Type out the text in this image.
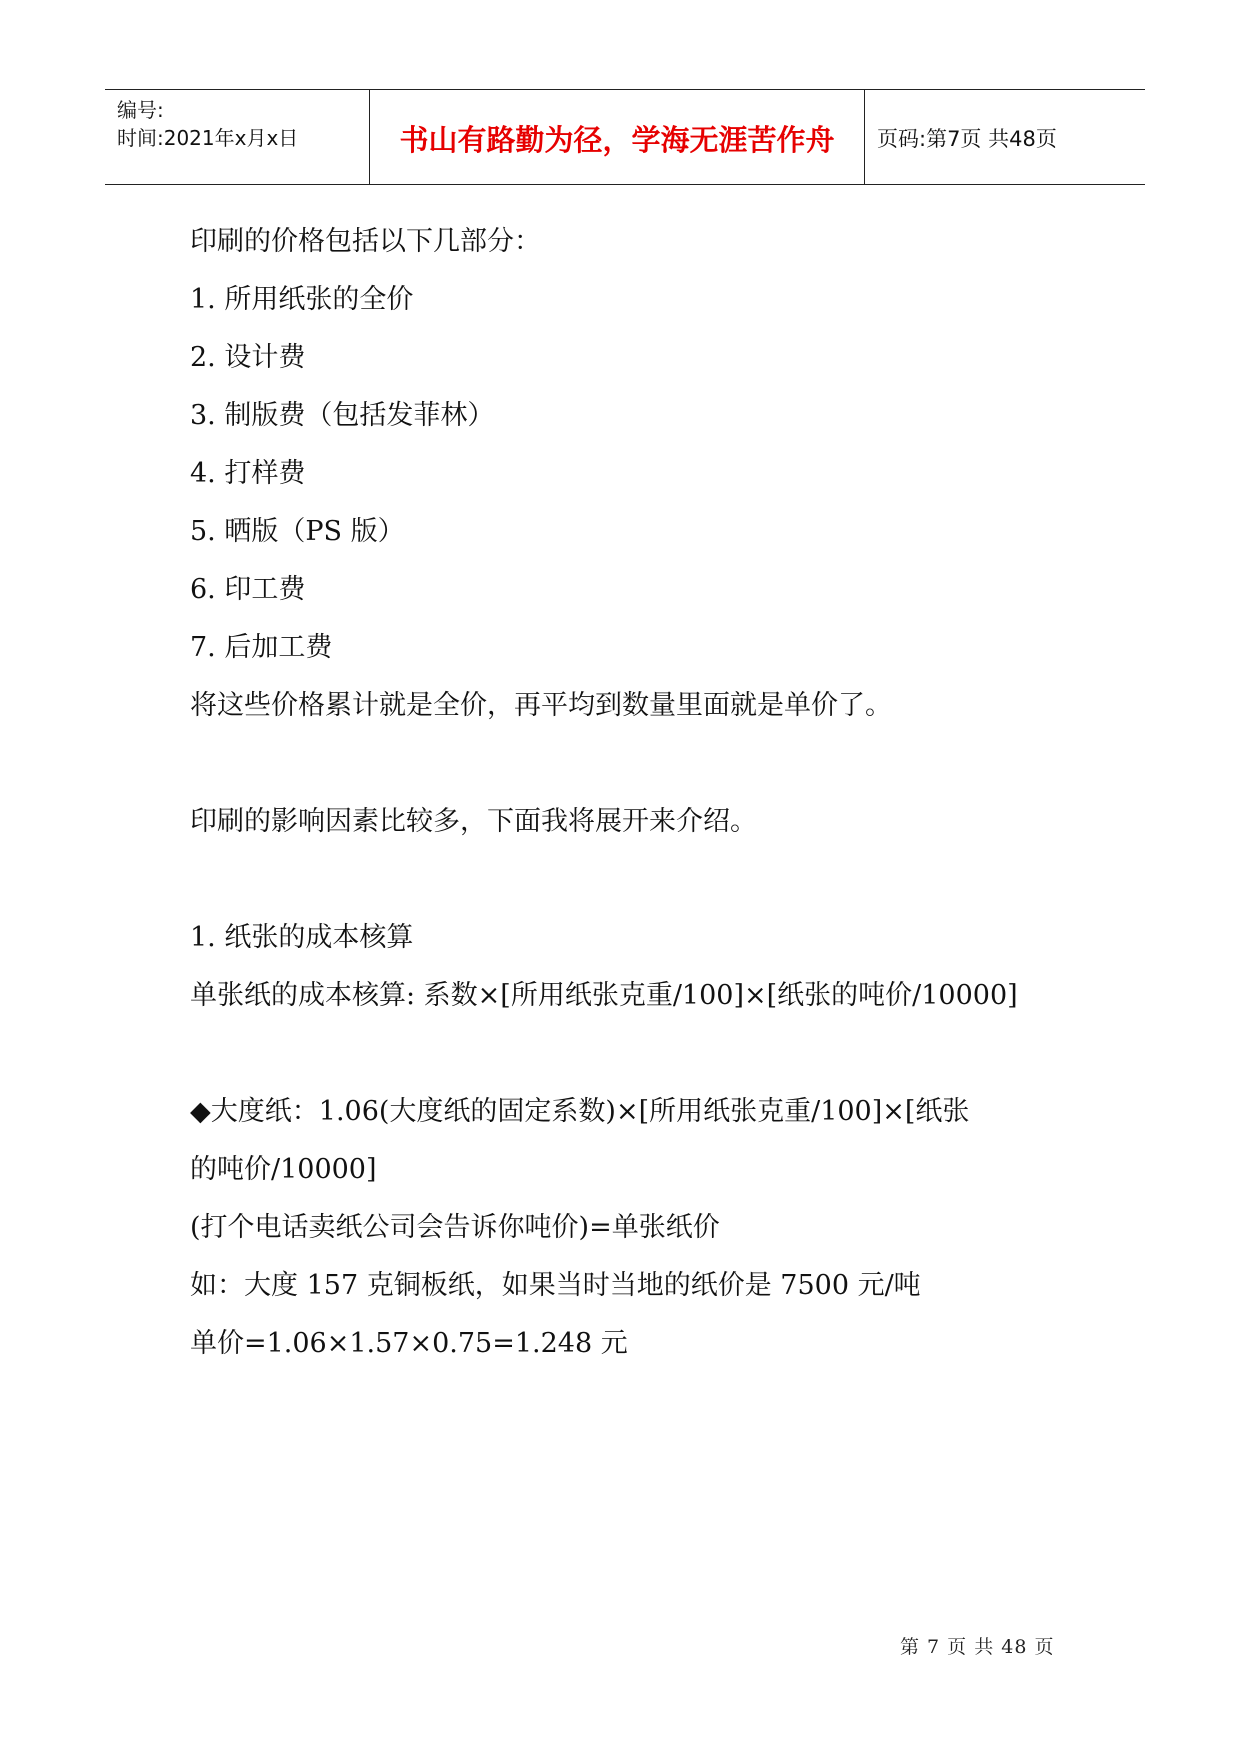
编号:
时间:2021年x月x日	书山有路勤为径，学海无涯苦作舟	页码:第7页 共48页
印刷的价格包括以下几部分：
1. 所用纸张的全价
2. 设计费
3. 制版费（包括发菲林）
4. 打样费
5. 晒版（PS 版）
6. 印工费
7. 后加工费
将这些价格累计就是全价，再平均到数量里面就是单价了。
印刷的影响因素比较多，下面我将展开来介绍。
1. 纸张的成本核算
单张纸的成本核算: 系数×[所用纸张克重/100]×[纸张的吨价/10000]
◆大度纸：1.06(大度纸的固定系数)×[所用纸张克重/100]×[纸张
的吨价/10000]
(打个电话卖纸公司会告诉你吨价)=单张纸价
如：大度 157 克铜板纸，如果当时当地的纸价是 7500 元/吨
单价=1.06×1.57×0.75=1.248 元
第 7 页 共 48 页
